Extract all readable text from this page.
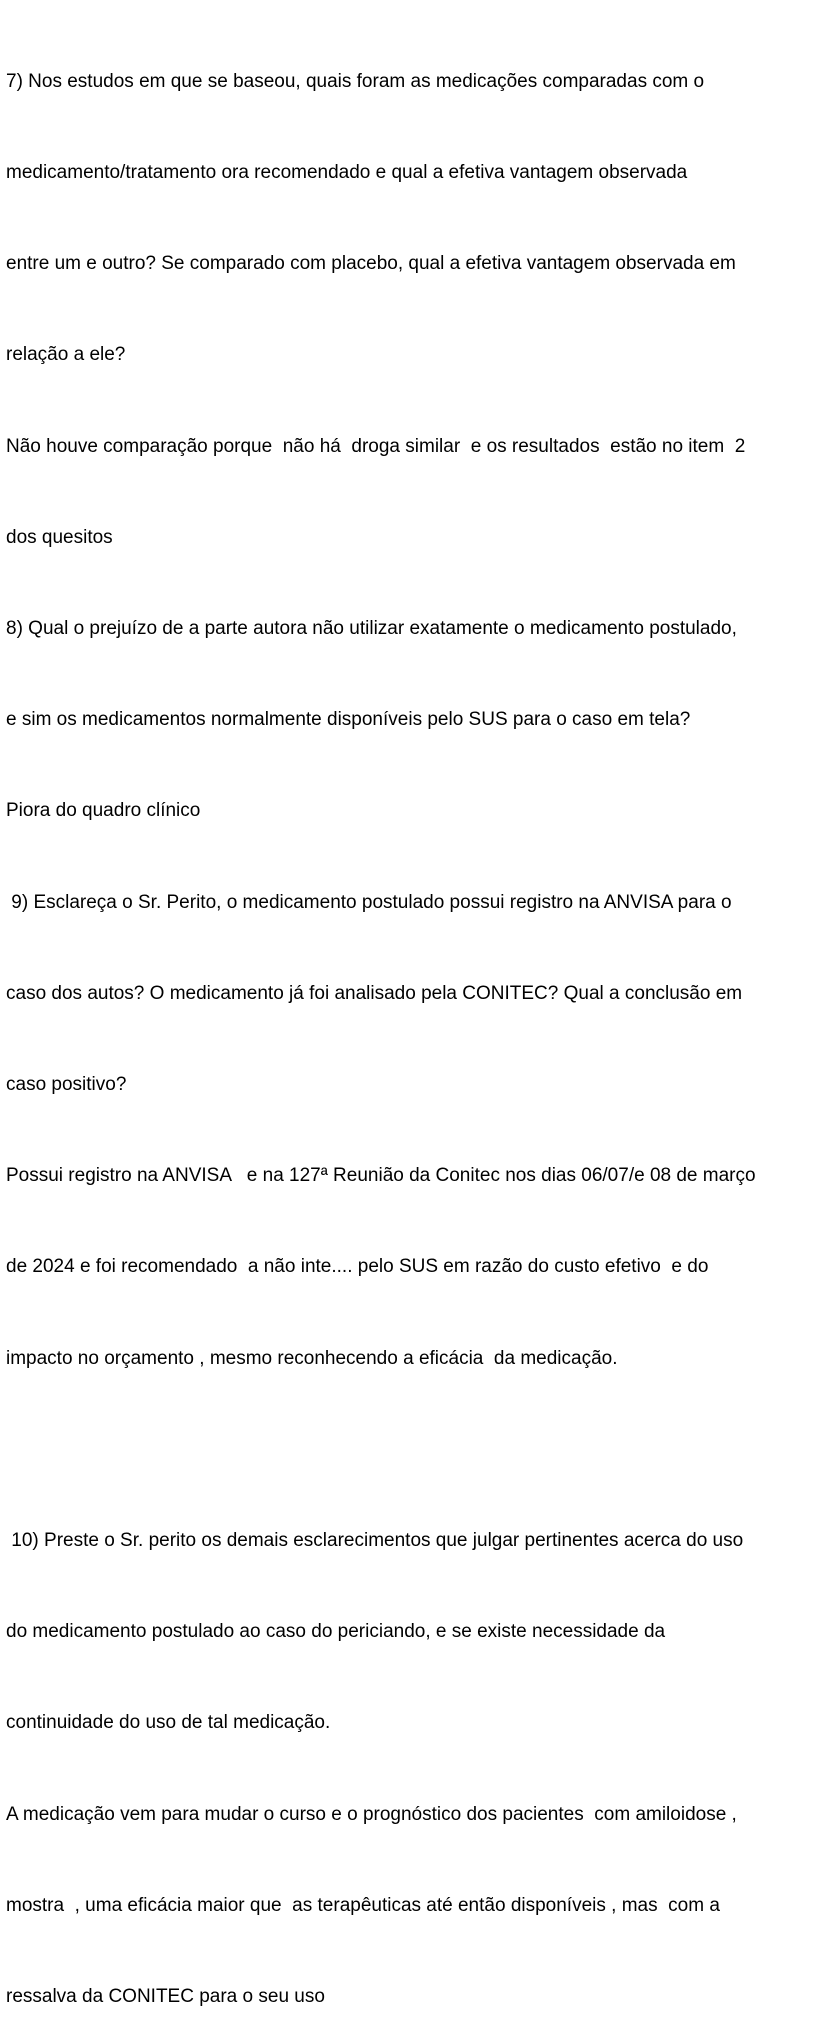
7) Nos estudos em que se baseou, quais foram as medicações comparadas com o

medicamento/tratamento ora recomendado e qual a efetiva vantagem observada

entre um e outro? Se comparado com placebo, qual a efetiva vantagem observada em

relação a ele?

Não houve comparação porque  não há  droga similar  e os resultados  estão no item  2

dos quesitos

8) Qual o prejuízo de a parte autora não utilizar exatamente o medicamento postulado,

e sim os medicamentos normalmente disponíveis pelo SUS para o caso em tela?

Piora do quadro clínico

9) Esclareça o Sr. Perito, o medicamento postulado possui registro na ANVISA para o

caso dos autos? O medicamento já foi analisado pela CONITEC? Qual a conclusão em

caso positivo?

Possui registro na ANVISA   e na 127ª Reunião da Conitec nos dias 06/07/e 08 de março

de 2024 e foi recomendado  a não inte.... pelo SUS em razão do custo efetivo  e do

impacto no orçamento , mesmo reconhecendo a eficácia  da medicação.

10) Preste o Sr. perito os demais esclarecimentos que julgar pertinentes acerca do uso

do medicamento postulado ao caso do periciando, e se existe necessidade da

continuidade do uso de tal medicação.

A medicação vem para mudar o curso e o prognóstico dos pacientes  com amiloidose ,

mostra  , uma eficácia maior que  as terapêuticas até então disponíveis , mas  com a

ressalva da CONITEC para o seu uso
